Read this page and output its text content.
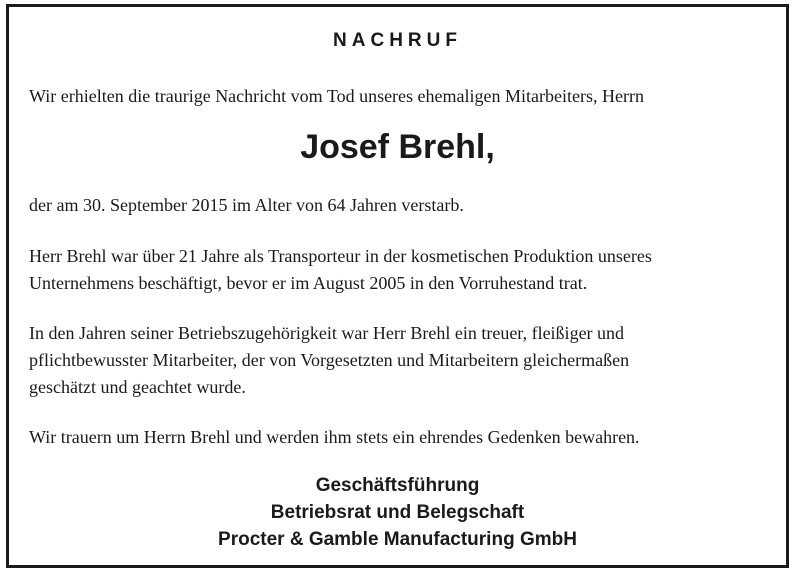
NACHRUF

Wir erhielten die traurige Nachricht vom Tod unseres ehemaligen Mitarbeiters, Herrn

Josef Brehl,

der am 30. September 2015 im Alter von 64 Jahren verstarb.

Herr Brehl war über 21 Jahre als Transporteur in der kosmetischen Produktion unseres
Unternehmens beschäftigt, bevor er im August 2005 in den Vorruhestand trat.
In den Jahren seiner Betriebszugehörigkeit war Herr Brehl ein treuer, fleißiger und
pflichtbewusster Mitarbeiter, der von Vorgesetzten und Mitarbeitern gleichermaßen
geschätzt und geachtet wurde.

Wir trauern um Herrn Brehl und werden ihm stets ein ehrendes Gedenken bewahren.

Geschäftsführung
Betriebsrat und Belegschaft
Procter & Gamble Manufacturing GmbH
